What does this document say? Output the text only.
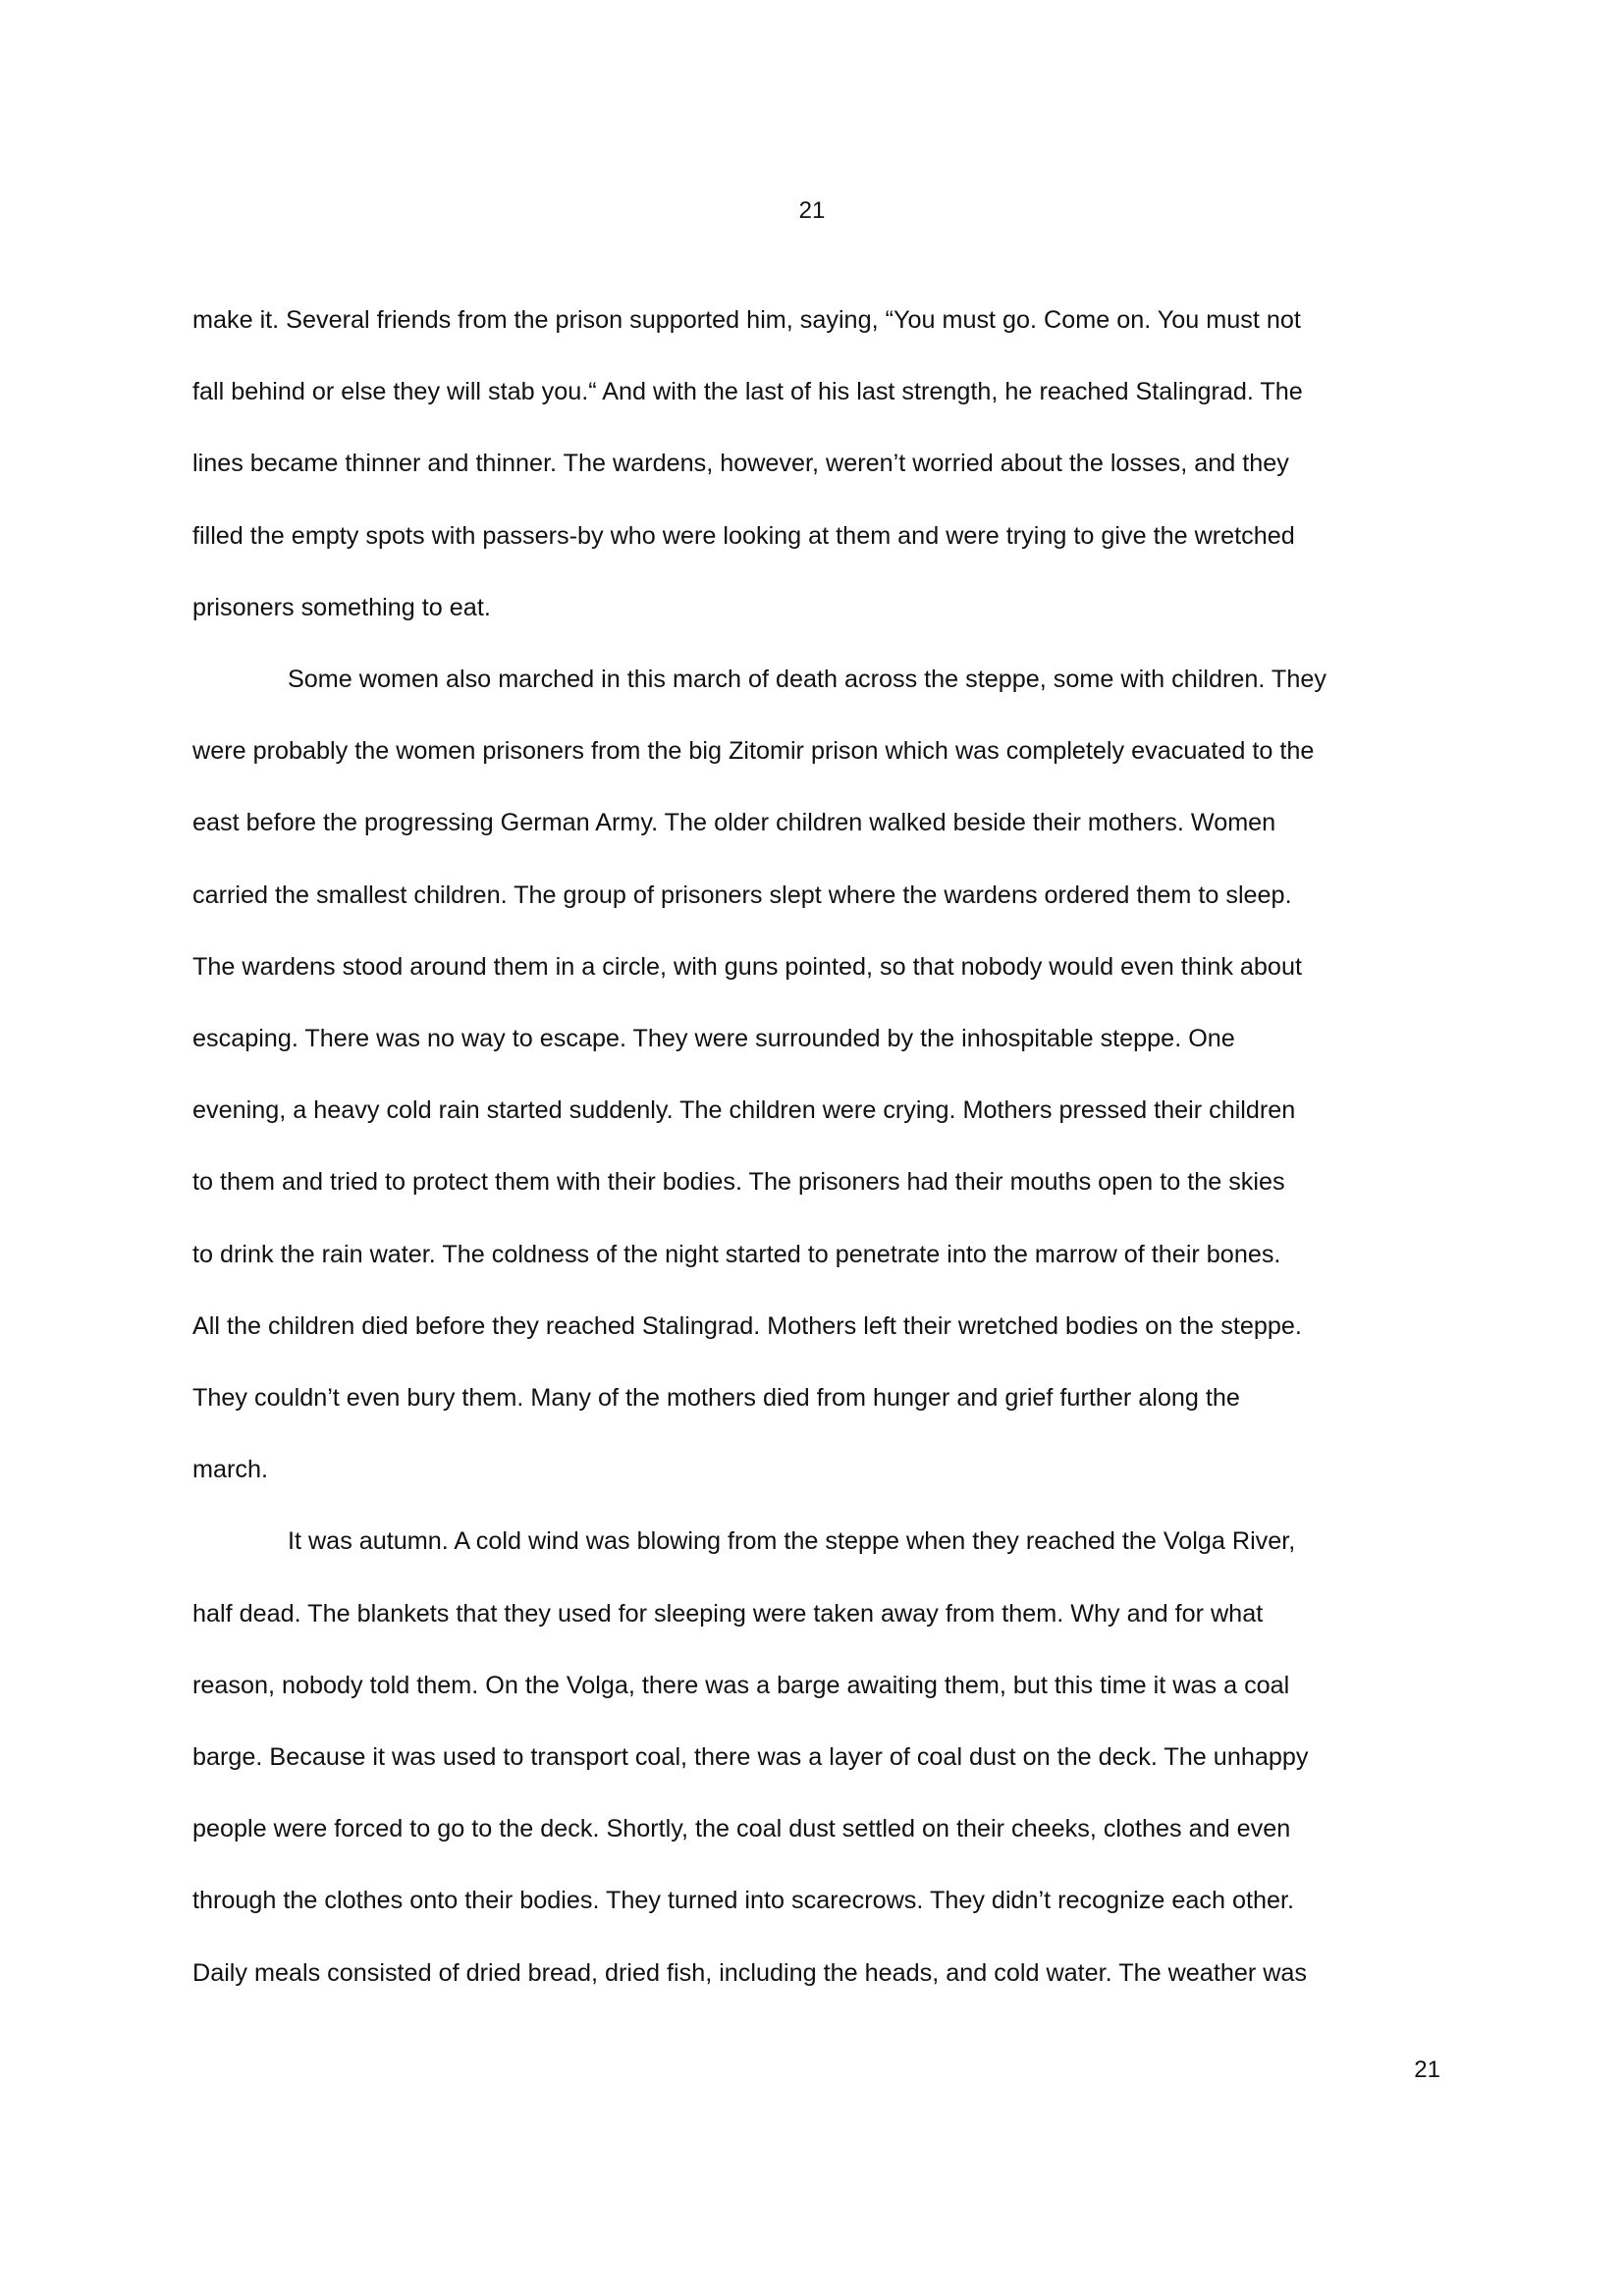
21
make it. Several friends from the prison supported him, saying, “You must go. Come on. You must not
fall behind or else they will stab you.“ And with the last of his last strength, he reached Stalingrad. The
lines became thinner and thinner. The wardens, however, weren’t worried about the losses, and they
filled the empty spots with passers-by who were looking at them and were trying to give the wretched
prisoners something to eat.
Some women also marched in this march of death across the steppe, some with children. They
were probably the women prisoners from the big Zitomir prison which was completely evacuated to the
east before the progressing German Army. The older children walked beside their mothers. Women
carried the smallest children. The group of prisoners slept where the wardens ordered them to sleep.
The wardens stood around them in a circle, with guns pointed, so that nobody would even think about
escaping. There was no way to escape. They were surrounded by the inhospitable steppe. One
evening, a heavy cold rain started suddenly. The children were crying. Mothers pressed their children
to them and tried to protect them with their bodies. The prisoners had their mouths open to the skies
to drink the rain water. The coldness of the night started to penetrate into the marrow of their bones.
All the children died before they reached Stalingrad. Mothers left their wretched bodies on the steppe.
They couldn’t even bury them. Many of the mothers died from hunger and grief further along the
march.
It was autumn. A cold wind was blowing from the steppe when they reached the Volga River,
half dead. The blankets that they used for sleeping were taken away from them. Why and for what
reason, nobody told them. On the Volga, there was a barge awaiting them, but this time it was a coal
barge. Because it was used to transport coal, there was a layer of coal dust on the deck. The unhappy
people were forced to go to the deck. Shortly, the coal dust settled on their cheeks, clothes and even
through the clothes onto their bodies. They turned into scarecrows. They didn’t recognize each other.
Daily meals consisted of dried bread, dried fish, including the heads, and cold water. The weather was
21
